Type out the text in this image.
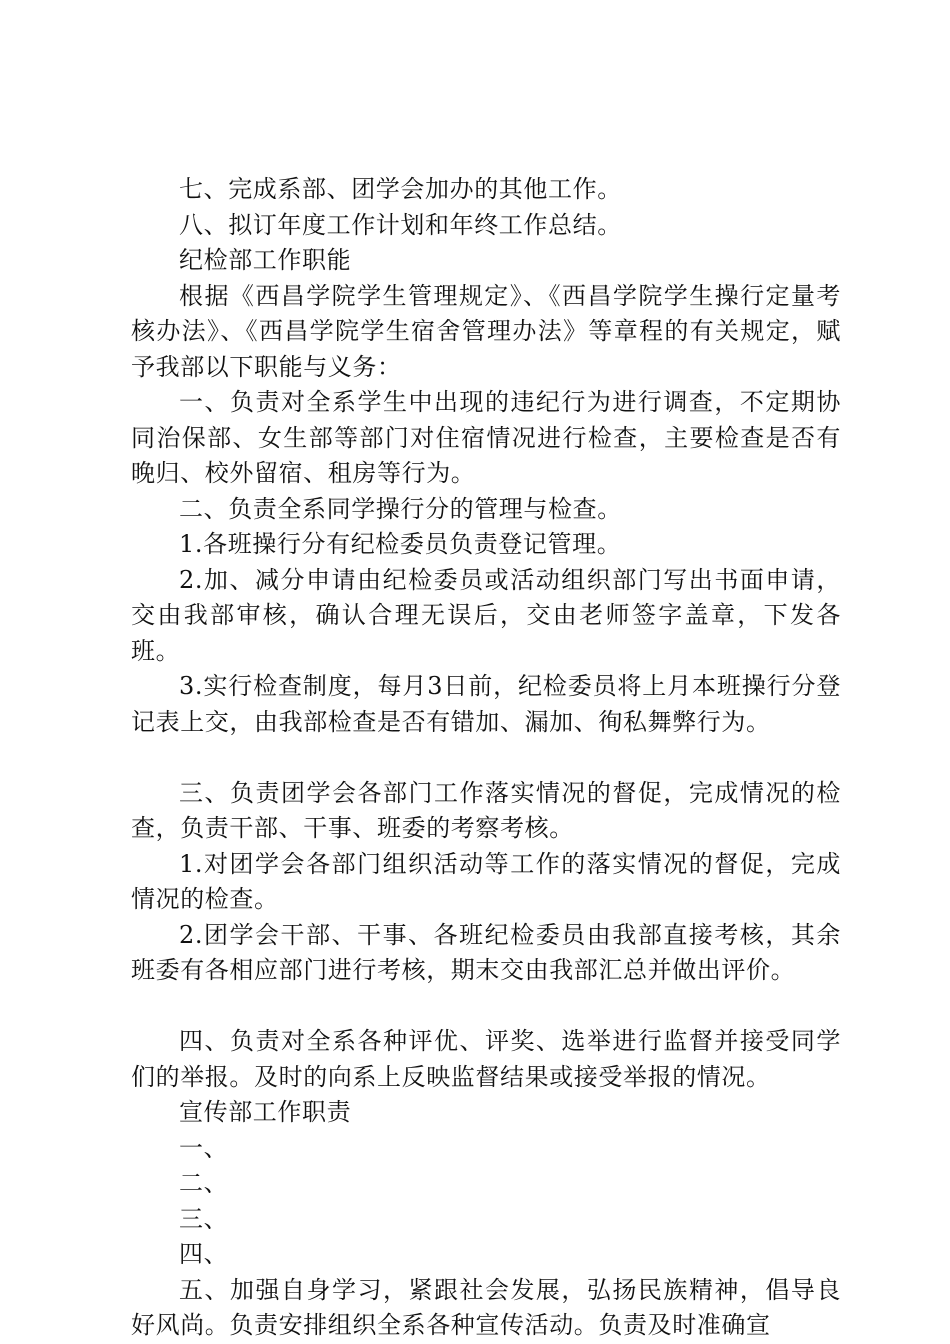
七、完成系部、团学会加办的其他工作。

八、拟订年度工作计划和年终工作总结。

纪检部工作职能

根据《西昌学院学生管理规定》、《西昌学院学生操行定量考核办法》、《西昌学院学生宿舍管理办法》等章程的有关规定，赋予我部以下职能与义务：

一、负责对全系学生中出现的违纪行为进行调查，不定期协同治保部、女生部等部门对住宿情况进行检查，主要检查是否有晚归、校外留宿、租房等行为。

二、负责全系同学操行分的管理与检查。

1.各班操行分有纪检委员负责登记管理。

2.加、减分申请由纪检委员或活动组织部门写出书面申请，交由我部审核，确认合理无误后，交由老师签字盖章，下发各班。

3.实行检查制度，每月3日前，纪检委员将上月本班操行分登记表上交，由我部检查是否有错加、漏加、徇私舞弊行为。

三、负责团学会各部门工作落实情况的督促，完成情况的检查，负责干部、干事、班委的考察考核。

1.对团学会各部门组织活动等工作的落实情况的督促，完成情况的检查。

2.团学会干部、干事、各班纪检委员由我部直接考核，其余班委有各相应部门进行考核，期末交由我部汇总并做出评价。

四、负责对全系各种评优、评奖、选举进行监督并接受同学们的举报。及时的向系上反映监督结果或接受举报的情况。

宣传部工作职责

一、

二、

三、

四、

五、加强自身学习，紧跟社会发展，弘扬民族精神，倡导良好风尚。负责安排组织全系各种宣传活动。负责及时准确宣
